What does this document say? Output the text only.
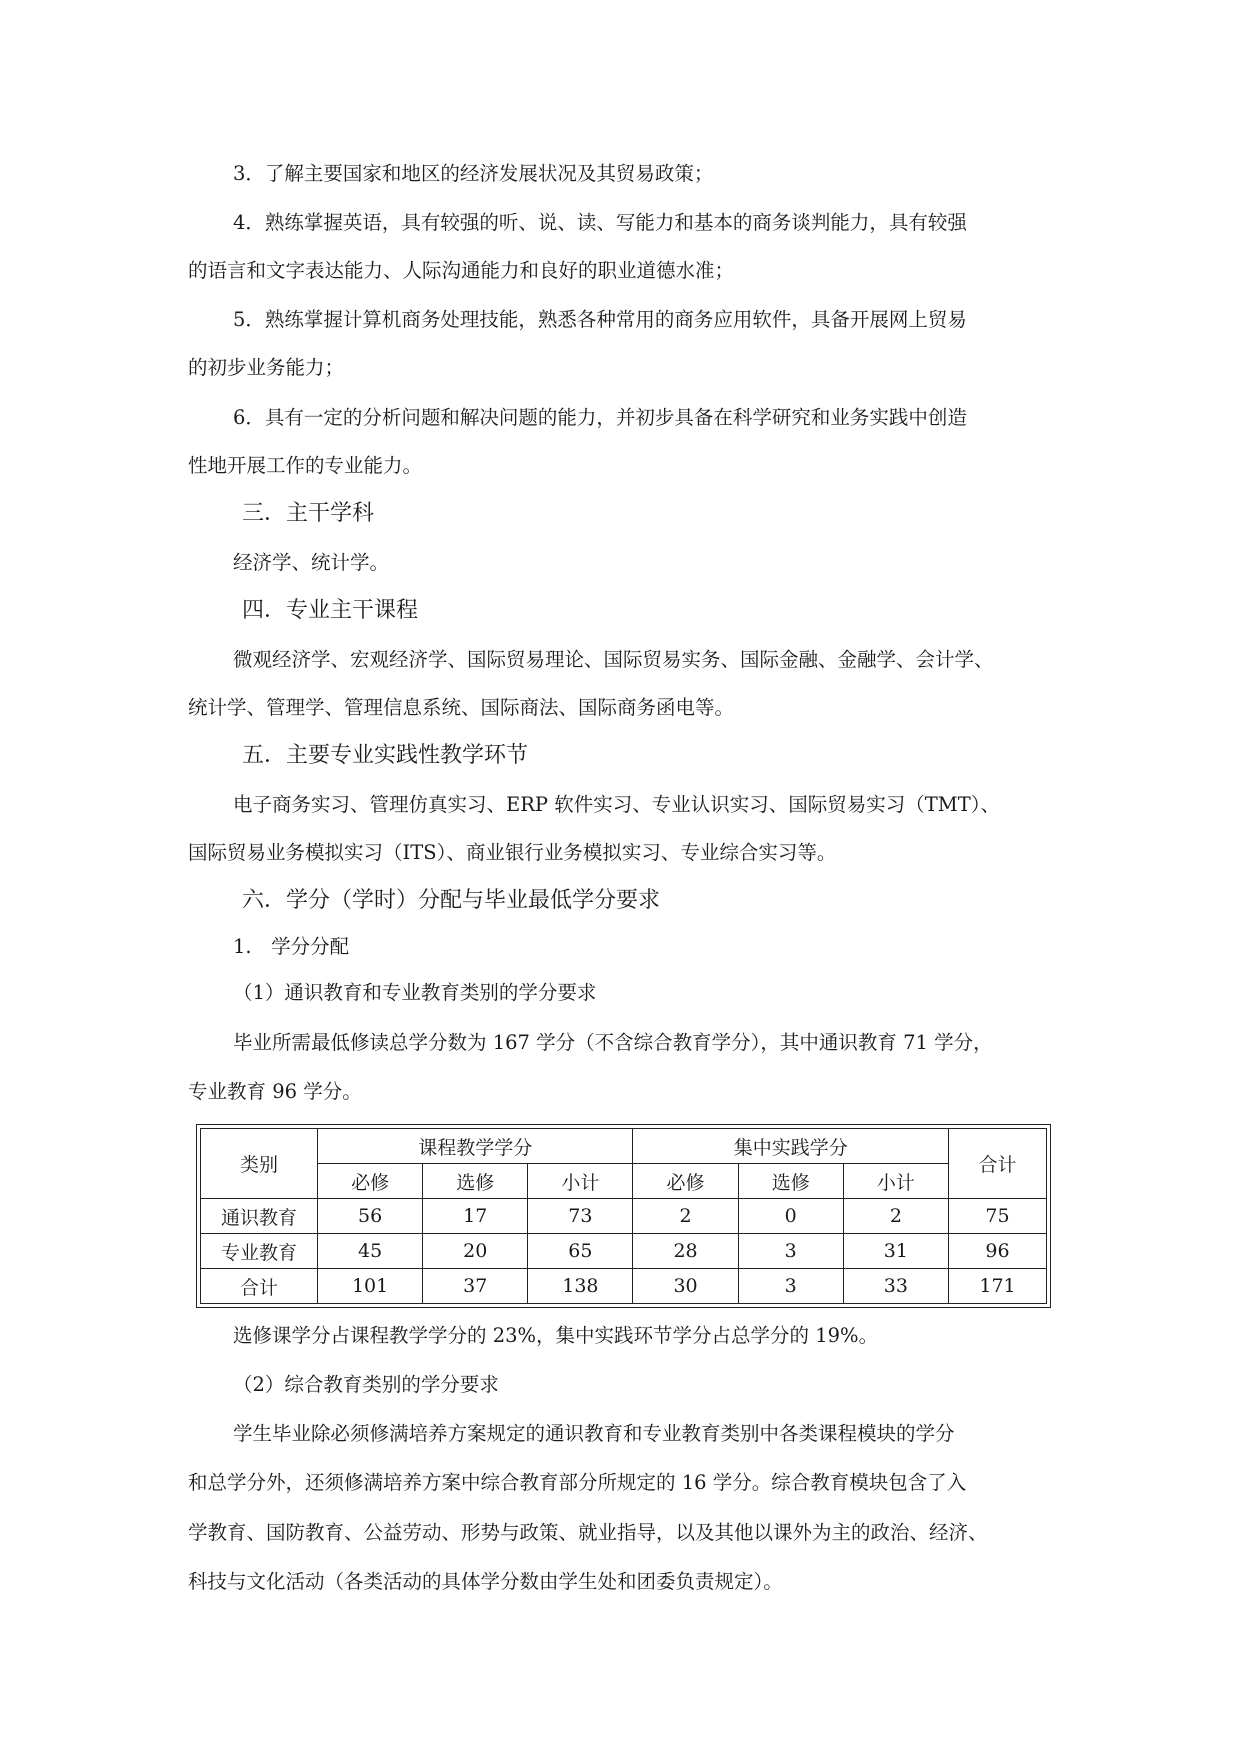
3．了解主要国家和地区的经济发展状况及其贸易政策；
4．熟练掌握英语，具有较强的听、说、读、写能力和基本的商务谈判能力，具有较强
的语言和文字表达能力、人际沟通能力和良好的职业道德水准；
5．熟练掌握计算机商务处理技能，熟悉各种常用的商务应用软件，具备开展网上贸易
的初步业务能力；
6．具有一定的分析问题和解决问题的能力，并初步具备在科学研究和业务实践中创造
性地开展工作的专业能力。
三．主干学科
经济学、统计学。
四．专业主干课程
微观经济学、宏观经济学、国际贸易理论、国际贸易实务、国际金融、金融学、会计学、
统计学、管理学、管理信息系统、国际商法、国际商务函电等。
五．主要专业实践性教学环节
电子商务实习、管理仿真实习、ERP 软件实习、专业认识实习、国际贸易实习（TMT）、
国际贸易业务模拟实习（ITS）、商业银行业务模拟实习、专业综合实习等。
六．学分（学时）分配与毕业最低学分要求
1.　学分分配
（1）通识教育和专业教育类别的学分要求
毕业所需最低修读总学分数为 167 学分（不含综合教育学分），其中通识教育 71 学分，
专业教育 96 学分。
类别	课程教学学分			集中实践学分			合计
	必修	选修	小计	必修	选修	小计	
通识教育	56	17	73	2	0	2	75
专业教育	45	20	65	28	3	31	96
合计	101	37	138	30	3	33	171
选修课学分占课程教学学分的 23%，集中实践环节学分占总学分的 19%。
（2）综合教育类别的学分要求
学生毕业除必须修满培养方案规定的通识教育和专业教育类别中各类课程模块的学分
和总学分外，还须修满培养方案中综合教育部分所规定的 16 学分。综合教育模块包含了入
学教育、国防教育、公益劳动、形势与政策、就业指导，以及其他以课外为主的政治、经济、
科技与文化活动（各类活动的具体学分数由学生处和团委负责规定）。
